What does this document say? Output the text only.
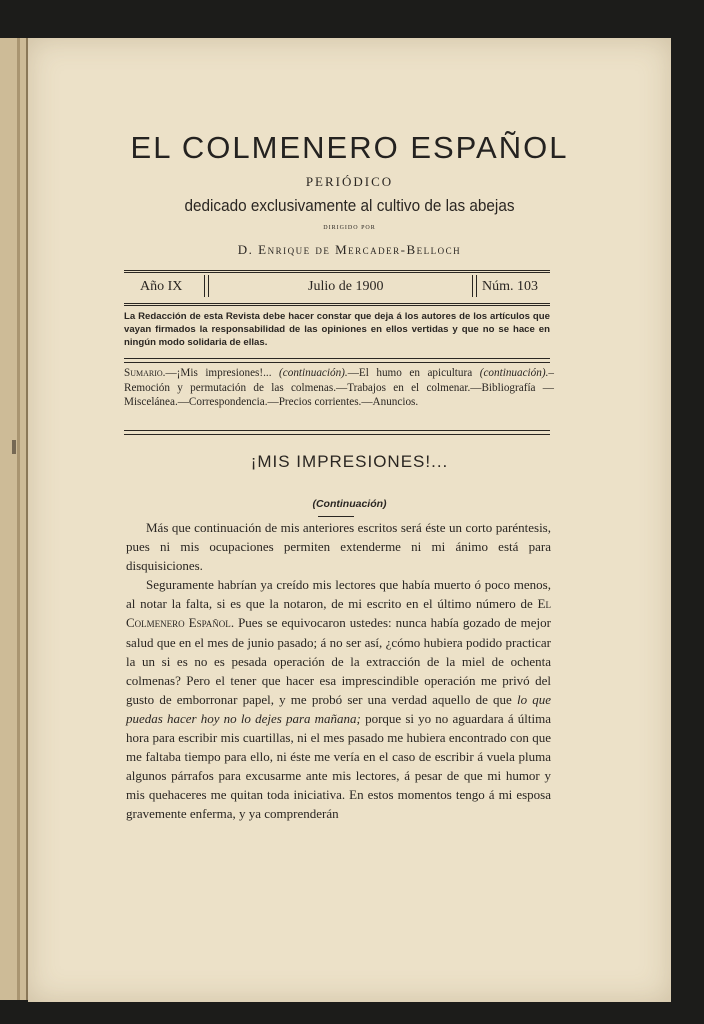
EL COLMENERO ESPAÑOL
PERIÓDICO
dedicado exclusivamente al cultivo de las abejas
DIRIGIDO POR
D. Enrique de Mercader-Belloch
Año IX	Julio de 1900	Núm. 103
La Redacción de esta Revista debe hacer constar que deja á los autores de los artículos que vayan firmados la responsabilidad de las opiniones en ellos vertidas y que no se hace en ningún modo solidaria de ellas.
Sumario.—¡Mis impresiones!... (continuación).—El humo en apicultura (continuación).– Remoción y permutación de las colmenas.—Trabajos en el colmenar.—Bibliografía —Miscelánea.—Correspondencia.—Precios corrientes.—Anuncios.
¡MIS IMPRESIONES!...
(Continuación)

Más que continuación de mis anteriores escritos será éste un corto paréntesis, pues ni mis ocupaciones permiten extenderme ni mi ánimo está para disquisiciones.

Seguramente habrían ya creído mis lectores que había muerto ó poco menos, al notar la falta, si es que la notaron, de mi escrito en el último número de El Colmenero Español. Pues se equivocaron ustedes: nunca había gozado de mejor salud que en el mes de junio pasado; á no ser así, ¿cómo hubiera podido practicar la un si es no es pesada operación de la extracción de la miel de ochenta colmenas? Pero el tener que hacer esa imprescindible operación me privó del gusto de emborronar papel, y me probó ser una verdad aquello de que lo que puedas hacer hoy no lo dejes para mañana; porque si yo no aguardara á última hora para escribir mis cuartillas, ni el mes pasado me hubiera encontrado con que me faltaba tiempo para ello, ni éste me vería en el caso de escribir á vuela pluma algunos párrafos para excusarme ante mis lectores, á pesar de que mi humor y mis quehaceres me quitan toda iniciativa. En estos momentos tengo á mi esposa gravemente enferma, y ya comprenderán
